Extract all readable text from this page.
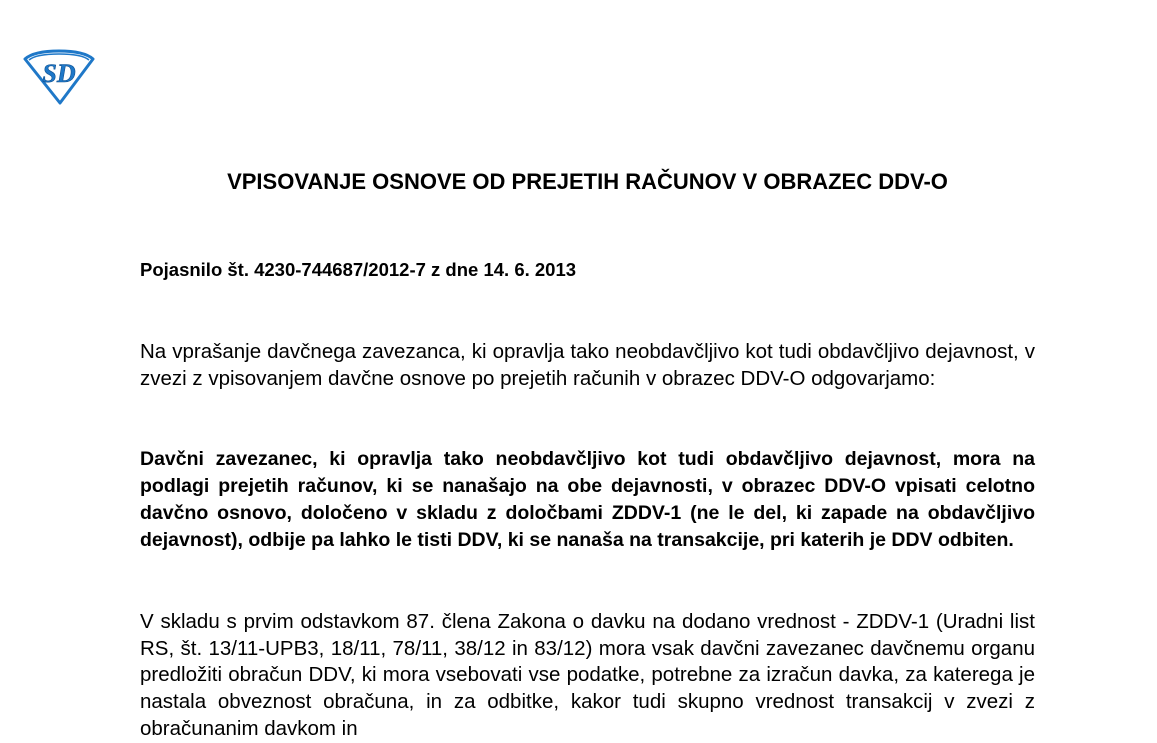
SD
VPISOVANJE OSNOVE OD PREJETIH RAČUNOV V OBRAZEC DDV-O

Pojasnilo št. 4230-744687/2012-7 z dne 14. 6. 2013

Na vprašanje davčnega zavezanca, ki opravlja tako neobdavčljivo kot tudi obdavčljivo dejavnost, v zvezi z vpisovanjem davčne osnove po prejetih računih v obrazec DDV-O odgovarjamo:

Davčni zavezanec, ki opravlja tako neobdavčljivo kot tudi obdavčljivo dejavnost, mora na podlagi prejetih računov, ki se nanašajo na obe dejavnosti, v obrazec DDV-O vpisati celotno davčno osnovo, določeno v skladu z določbami ZDDV-1 (ne le del, ki zapade na obdavčljivo dejavnost), odbije pa lahko le tisti DDV, ki se nanaša na transakcije, pri katerih je DDV odbiten.

V skladu s prvim odstavkom 87. člena Zakona o davku na dodano vrednost - ZDDV-1 (Uradni list RS, št. 13/11-UPB3, 18/11, 78/11, 38/12 in 83/12) mora vsak davčni zavezanec davčnemu organu predložiti obračun DDV, ki mora vsebovati vse podatke, potrebne za izračun davka, za katerega je nastala obveznost obračuna, in za odbitke, kakor tudi skupno vrednost transakcij v zvezi z obračunanim davkom in
